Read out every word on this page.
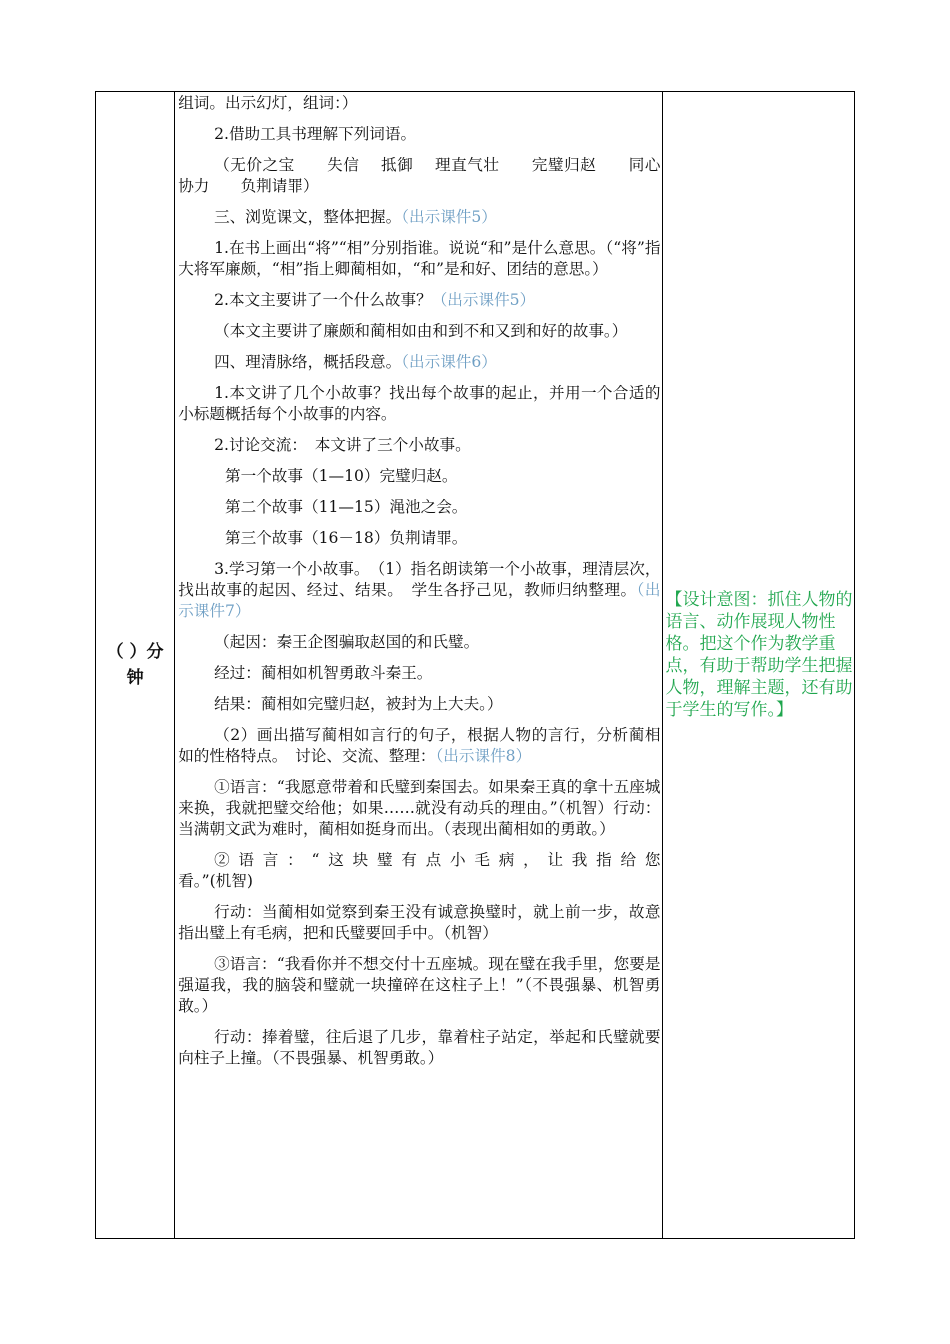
（ ）分钟

组词。出示幻灯，组词：）

2.借助工具书理解下列词语。

（无价之宝　　失信　 抵御　 理直气壮　　完璧归赵　　同心协力　　负荆请罪）

三、浏览课文，整体把握。（出示课件5）

1.在书上画出“将”“相”分别指谁。说说“和”是什么意思。（“将”指大将军廉颇，“相”指上卿蔺相如，“和”是和好、团结的意思。）

2.本文主要讲了一个什么故事？（出示课件5）

（本文主要讲了廉颇和蔺相如由和到不和又到和好的故事。）

四、理清脉络，概括段意。（出示课件6）

1.本文讲了几个小故事？找出每个故事的起止，并用一个合适的小标题概括每个小故事的内容。

2.讨论交流：　本文讲了三个小故事。

第一个故事（1—10）完璧归赵。

第二个故事（11—15）渑池之会。

第三个故事（16－18）负荆请罪。

3.学习第一个小故事。　（1）指名朗读第一个小故事，理清层次，找出故事的起因、经过、结果。　学生各抒己见，教师归纳整理。（出示课件7）

（起因：秦王企图骗取赵国的和氏璧。

经过：蔺相如机智勇敢斗秦王。

结果：蔺相如完璧归赵，被封为上大夫。）

（2）画出描写蔺相如言行的句子，根据人物的言行，分析蔺相如的性格特点。　讨论、交流、整理：（出示课件8）

①语言：“我愿意带着和氏璧到秦国去。如果秦王真的拿十五座城来换，我就把璧交给他；如果……就没有动兵的理由。”（机智）行动：当满朝文武为难时，蔺相如挺身而出。（表现出蔺相如的勇敢。）

②语言：“这块璧有点小毛病，让我指给您
看。”(机智)

行动：当蔺相如觉察到秦王没有诚意换璧时，就上前一步，故意指出璧上有毛病，把和氏璧要回手中。（机智）

③语言：“我看你并不想交付十五座城。现在璧在我手里，您要是强逼我，我的脑袋和璧就一块撞碎在这柱子上！”（不畏强暴、机智勇敢。）

行动：捧着璧，往后退了几步，靠着柱子站定，举起和氏璧就要向柱子上撞。（不畏强暴、机智勇敢。）

【设计意图：抓住人物的语言、动作展现人物性格。把这个作为教学重点，有助于帮助学生把握人物，理解主题，还有助于学生的写作。】
